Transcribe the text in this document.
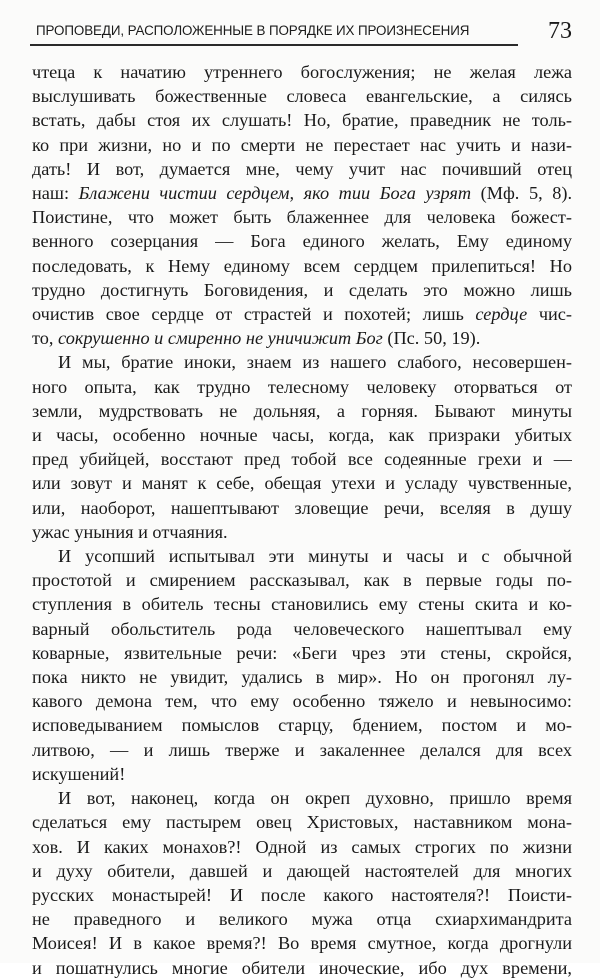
ПРОПОВЕДИ, РАСПОЛОЖЕННЫЕ В ПОРЯДКЕ ИХ ПРОИЗНЕСЕНИЯ	73
чтеца к начатию утреннего богослужения; не желая лежа
выслушивать божественные словеса евангельские, а силясь
встать, дабы стоя их слушать! Но, братие, праведник не толь-
ко при жизни, но и по смерти не перестает нас учить и нази-
дать! И вот, думается мне, чему учит нас почивший отец
наш: Блажени чистии сердцем, яко тии Бога узрят (Мф. 5, 8).
Поистине, что может быть блаженнее для человека божест-
венного созерцания — Бога единого желать, Ему единому
последовать, к Нему единому всем сердцем прилепиться! Но
трудно достигнуть Боговидения, и сделать это можно лишь
очистив свое сердце от страстей и похотей; лишь сердце чис-
то, сокрушенно и смиренно не уничижит Бог (Пс. 50, 19).
И мы, братие иноки, знаем из нашего слабого, несовершен-
ного опыта, как трудно телесному человеку оторваться от
земли, мудрствовать не дольняя, а горняя. Бывают минуты
и часы, особенно ночные часы, когда, как призраки убитых
пред убийцей, восстают пред тобой все содеянные грехи и —
или зовут и манят к себе, обещая утехи и усладу чувственные,
или, наоборот, нашептывают зловещие речи, вселяя в душу
ужас уныния и отчаяния.
И усопший испытывал эти минуты и часы и с обычной
простотой и смирением рассказывал, как в первые годы по-
ступления в обитель тесны становились ему стены скита и ко-
варный обольститель рода человеческого нашептывал ему
коварные, язвительные речи: «Беги чрез эти стены, скройся,
пока никто не увидит, удались в мир». Но он прогонял лу-
кавого демона тем, что ему особенно тяжело и невыносимо:
исповедыванием помыслов старцу, бдением, постом и мо-
литвою, — и лишь тверже и закаленнее делался для всех
искушений!
И вот, наконец, когда он окреп духовно, пришло время
сделаться ему пастырем овец Христовых, наставником мона-
хов. И каких монахов?! Одной из самых строгих по жизни
и духу обители, давшей и дающей настоятелей для многих
русских монастырей! И после какого настоятеля?! Поисти-
не праведного и великого мужа отца схиархимандрита
Моисея! И в какое время?! Во время смутное, когда дрогнули
и пошатнулись многие обители иноческие, ибо дух времени,
